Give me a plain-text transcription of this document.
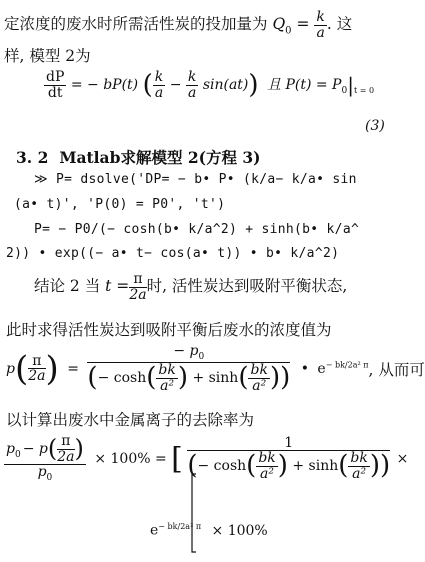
定浓度的废水时所需活性炭的投加量为 $Q_0 = \frac{k}{a}$ . 这
样, 模型 2为
$\frac{dP}{dt}$ = − bP(t) ( $\frac{k}{a} - \frac{k}{a} \sin(at)$) 且 $P(t) = P_0|_{t = 0}$
(3)
3. 2 Matlab求解模型 2(方程 3)
≫ P= dsolve('DP= − b• P• (k/a− k/a• sin
(a• t)', 'P(0) = P0', 't')
P= − P0/(− cosh(b• k/a^2) + sinh(b• k/a^
2)) • exp((− a• t− cos(a• t)) • b• k/a^2)
结论 2 当 $t = \frac{\pi}{2a}$ 时, 活性炭达到吸附平衡状态,
此时求得活性炭达到吸附平衡后废水的浓度值为
$p( \frac{\pi}{2a}$ ) = $\frac{- p_0}{(- \cosh( \frac{bk}{\text{a²}} ) + \sinh( \frac{bk}{\text{a²}} ))}$ • $e^{- bk/2a^2 \pi}$, 从而可
以计算出废水中金属离子的去除率为
$\frac{p_0 - p( \frac{\pi}{2a} )}{p_0} \times 100\%$ = [ $\frac{1}{(- \cosh( \frac{bk}{\text{a²}} ) + \sinh( \frac{bk}{\text{a²}} ))}$ ×
$e^{- bk/2a^2 \pi} \times 100\%$
